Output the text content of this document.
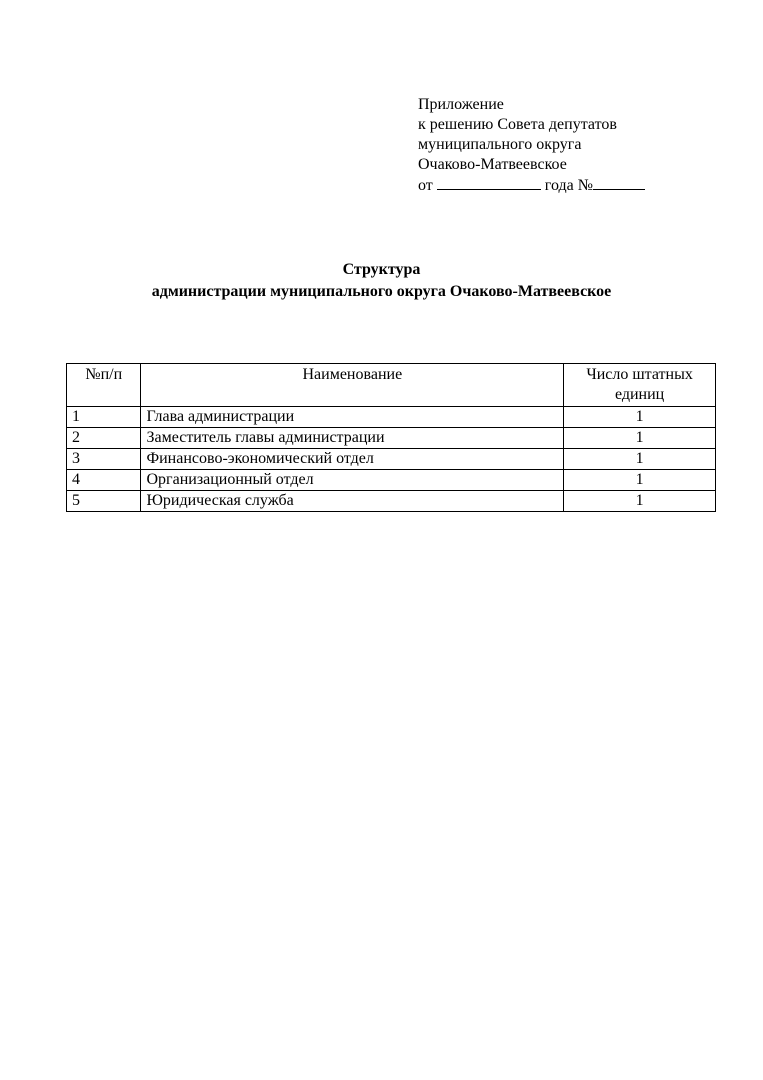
Приложение
к решению Совета депутатов
муниципального округа
Очаково-Матвеевское
от	года №
Структура
администрации муниципального округа Очаково-Матвеевское
№п/п	Наименование	Число штатных единиц
1	Глава администрации	1
2	Заместитель главы администрации	1
3	Финансово-экономический отдел	1
4	Организационный отдел	1
5	Юридическая служба	1
